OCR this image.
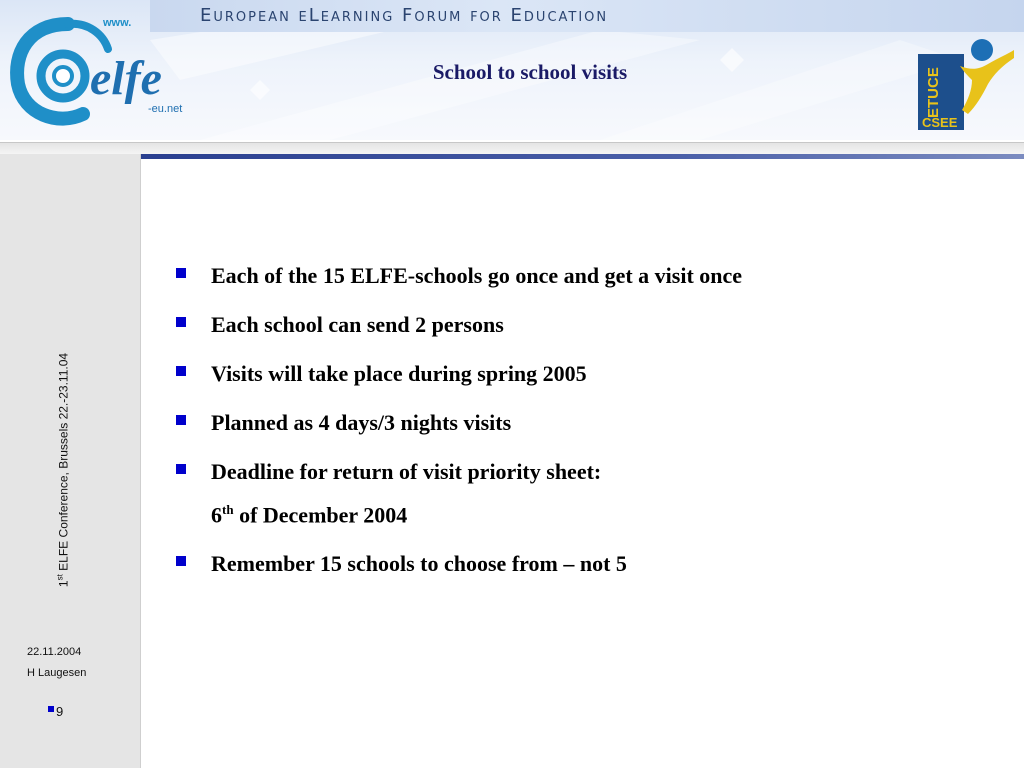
European eLearning Forum for Education
School to school visits
www.
elfe
-eu.net	ETUCE
CSEE
1st ELFE Conference, Brussels 22.-23.11.04
22.11.2004
H Laugesen
9
Each of the 15 ELFE-schools go once and get a visit once
Each school can send 2 persons
Visits will take place during spring 2005
Planned as 4 days/3 nights visits
Deadline for return of visit priority sheet:
6th of December 2004
Remember 15 schools to choose from – not 5
